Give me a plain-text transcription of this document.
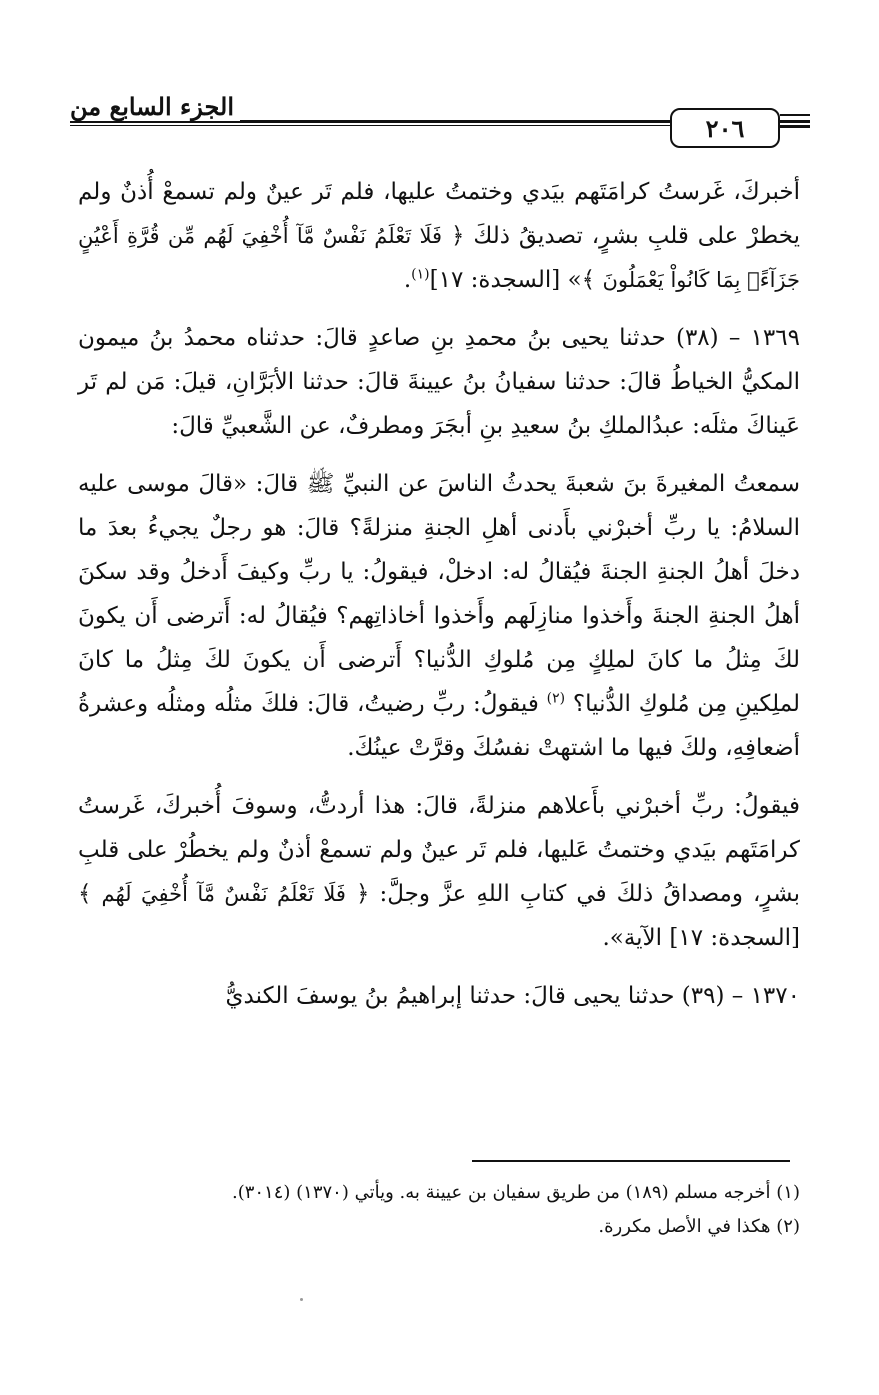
الجزء السابع من
٢٠٦

أخبركَ، غَرستُ كرامَتَهم بيَدي وختمتُ عليها، فلم تَر عينٌ ولم تسمعْ أُذنٌ ولم يخطرْ على قلبِ بشرٍ، تصديقُ ذلكَ ﴿ فَلَا تَعْلَمُ نَفْسٌ مَّآ أُخْفِيَ لَهُم مِّن قُرَّةِ أَعْيُنٍ جَزَآءًۢ بِمَا كَانُواْ يَعْمَلُونَ ﴾» [السجدة: ١٧]$^{(١)}$.

١٣٦٩ – (٣٨) حدثنا يحيى بنُ محمدِ بنِ صاعدٍ قالَ: حدثناه محمدُ بنُ ميمون المكيُّ الخياطُ قالَ: حدثنا سفيانُ بنُ عيينةَ قالَ: حدثنا الأبَرَّانِ، قيلَ: مَن لم تَر عَيناكَ مثلَه: عبدُالملكِ بنُ سعيدِ بنِ أبجَرَ ومطرفٌ، عن الشَّعبيِّ قالَ:

سمعتُ المغيرةَ بنَ شعبةَ يحدثُ الناسَ عن النبيِّ ﷺ قالَ: «قالَ موسى عليه السلامُ: يا ربِّ أخبرْني بأَدنى أهلِ الجنةِ منزلةً؟ قالَ: هو رجلٌ يجيءُ بعدَ ما دخلَ أهلُ الجنةِ الجنةَ فيُقالُ له: ادخلْ، فيقولُ: يا ربِّ وكيفَ أَدخلُ وقد سكنَ أهلُ الجنةِ الجنةَ وأَخذوا منازِلَهم وأَخذوا أخاذاتِهم؟ فيُقالُ له: أَترضى أَن يكونَ لكَ مِثلُ ما كانَ لملِكٍ مِن مُلوكِ الدُّنيا؟ أَترضى أَن يكونَ لكَ مِثلُ ما كانَ لملِكينِ مِن مُلوكِ الدُّنيا؟ $^{(٢)}$ فيقولُ: ربِّ رضيتُ، قالَ: فلكَ مثلُه ومثلُه وعشرةُ أضعافِهِ، ولكَ فيها ما اشتهتْ نفسُكَ وقرَّتْ عينُكَ.

فيقولُ: ربِّ أخبرْني بأَعلاهم منزلةً، قالَ: هذا أردتُّ، وسوفَ أُخبركَ، غَرستُ كرامَتَهم بيَدي وختمتُ عَليها، فلم تَر عينٌ ولم تسمعْ أذنٌ ولم يخطُرْ على قلبِ بشرٍ، ومصداقُ ذلكَ في كتابِ اللهِ عزَّ وجلَّ: ﴿ فَلَا تَعْلَمُ نَفْسٌ مَّآ أُخْفِيَ لَهُم ﴾ [السجدة: ١٧] الآية».

١٣٧٠ – (٣٩) حدثنا يحيى قالَ: حدثنا إبراهيمُ بنُ يوسفَ الكنديُّ

(١) أخرجه مسلم (١٨٩) من طريق سفيان بن عيينة به. ويأتي (١٣٧٠) (٣٠١٤).

(٢) هكذا في الأصل مكررة.
